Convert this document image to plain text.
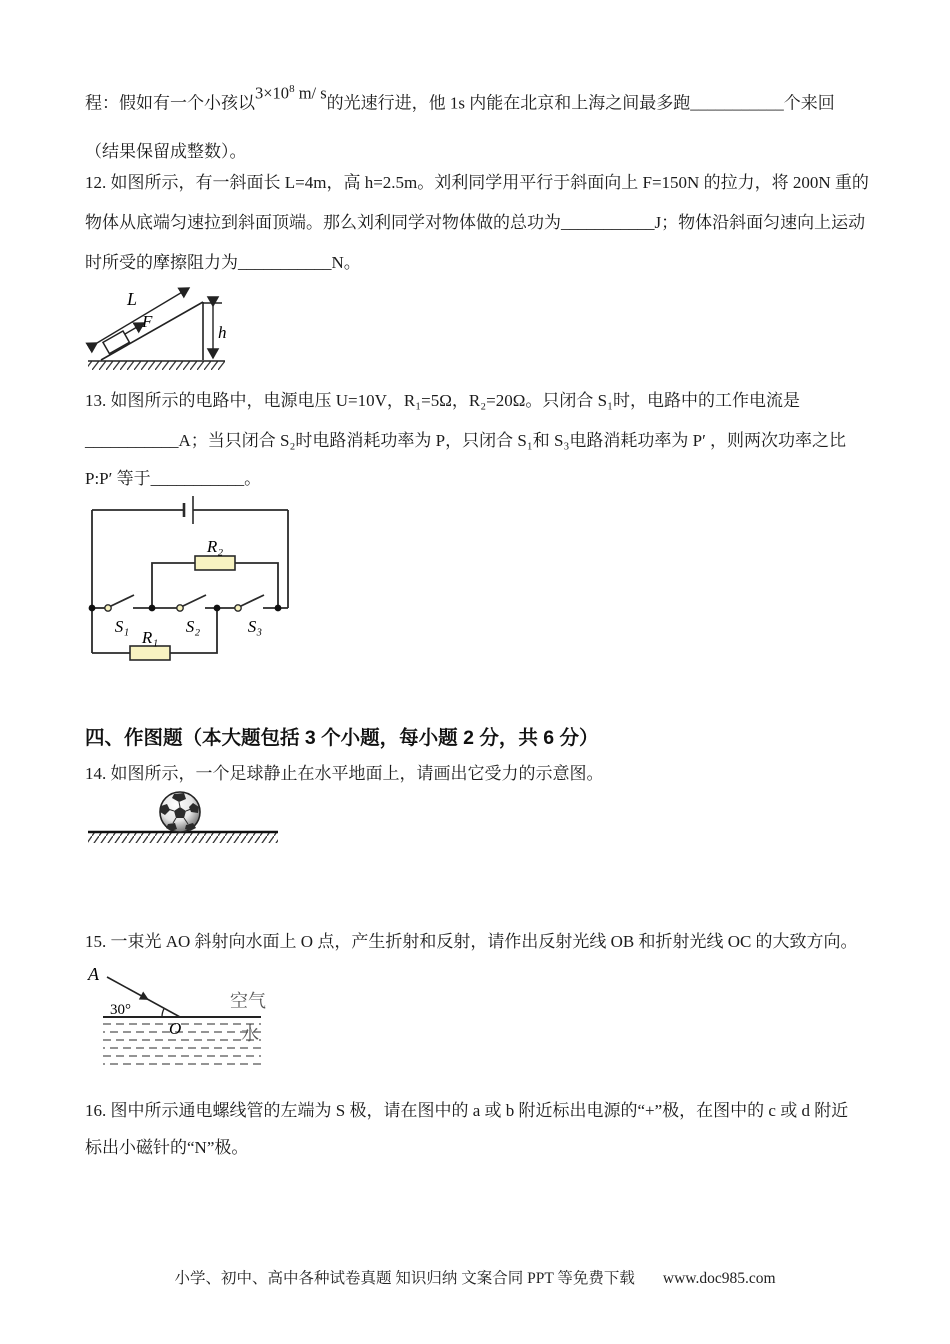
程：假如有一个小孩以$3\times 10^8$ m/ s的光速行进，他 1s 内能在北京和上海之间最多跑___________个来回
（结果保留成整数）。
12. 如图所示，有一斜面长 L=4m，高 h=2.5m。刘利同学用平行于斜面向上 F=150N 的拉力，将 200N 重的
物体从底端匀速拉到斜面顶端。那么刘利同学对物体做的总功为___________J；物体沿斜面匀速向上运动
时所受的摩擦阻力为___________N。
L
F
h
13. 如图所示的电路中，电源电压 U=10V，R₁=5Ω，R₂=20Ω。只闭合 S₁时，电路中的工作电流是
___________A；当只闭合 S₂时电路消耗功率为 P，只闭合 S₁和 S₃电路消耗功率为 P′ ，则两次功率之比
P:P′ 等于___________。
R₂
R₁
S₁	S₂	S₃
四、作图题（本大题包括 3 个小题，每小题 2 分，共 6 分）
14. 如图所示，一个足球静止在水平地面上，请画出它受力的示意图。
15. 一束光 AO 斜射向水面上 O 点，产生折射和反射，请作出反射光线 OB 和折射光线 OC 的大致方向。
A
30°
O
空气
水
16. 图中所示通电螺线管的左端为 S 极，请在图中的 a 或 b 附近标出电源的“+”极，在图中的 c 或 d 附近
标出小磁针的“N”极。
小学、初中、高中各种试卷真题 知识归纳 文案合同 PPT 等免费下载 www.doc985.com
